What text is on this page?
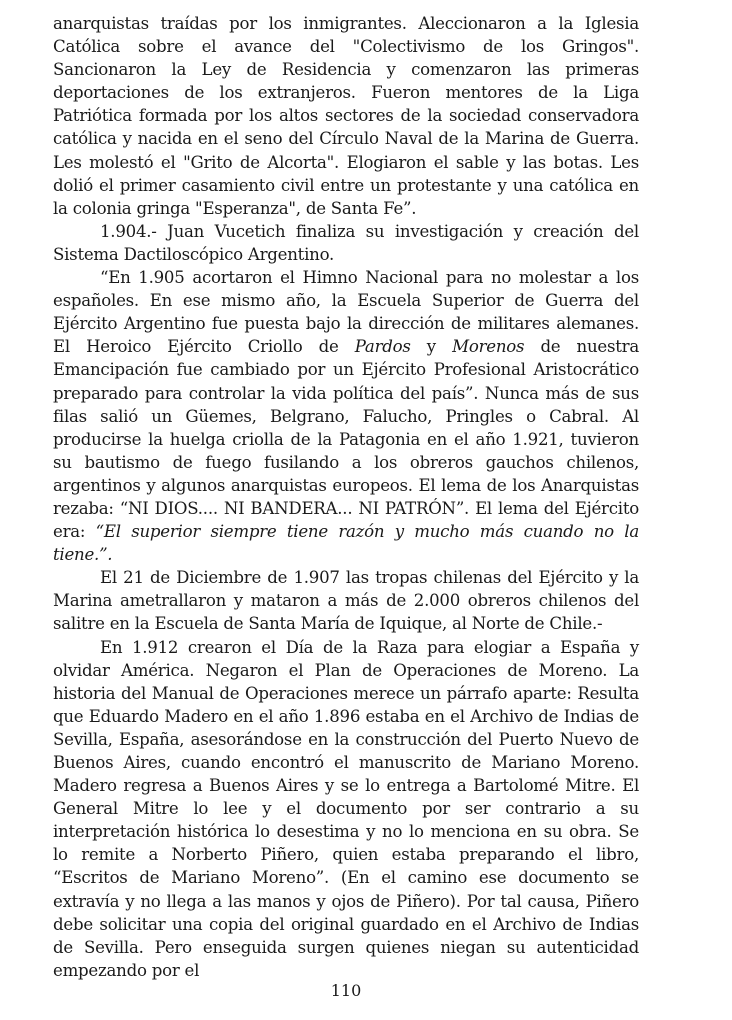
anarquistas traídas por los inmigrantes. Aleccionaron a la Iglesia Católica sobre el avance del "Colectivismo de los Gringos". Sancionaron la Ley de Residencia y comenzaron las primeras deportaciones de los extranjeros. Fueron mentores de la Liga Patriótica formada por los altos sectores de la sociedad conservadora católica y nacida en el seno del Círculo Naval de la Marina de Guerra. Les molestó el "Grito de Alcorta". Elogiaron el sable y las botas. Les dolió el primer casamiento civil entre un protestante y una católica en la colonia gringa "Esperanza", de Santa Fe”.

1.904.- Juan Vucetich finaliza su investigación y creación del Sistema Dactiloscópico Argentino.

“En 1.905 acortaron el Himno Nacional para no molestar a los españoles. En ese mismo año, la Escuela Superior de Guerra del Ejército Argentino fue puesta bajo la dirección de militares alemanes. El Heroico Ejército Criollo de Pardos y Morenos de nuestra Emancipación fue cambiado por un Ejército Profesional Aristocrático preparado para controlar la vida política del país”. Nunca más de sus filas salió un Güemes, Belgrano, Falucho, Pringles o Cabral. Al producirse la huelga criolla de la Patagonia en el año 1.921, tuvieron su bautismo de fuego fusilando a los obreros gauchos chilenos, argentinos y algunos anarquistas europeos. El lema de los Anarquistas rezaba: “NI DIOS.... NI BANDERA... NI PATRÓN”. El lema del Ejército era: “El superior siempre tiene razón y mucho más cuando no la tiene.”.

El 21 de Diciembre de 1.907 las tropas chilenas del Ejército y la Marina ametrallaron y mataron a más de 2.000 obreros chilenos del salitre en la Escuela de Santa María de Iquique, al Norte de Chile.-

En 1.912 crearon el Día de la Raza para elogiar a España y olvidar América. Negaron el Plan de Operaciones de Moreno. La historia del Manual de Operaciones merece un párrafo aparte: Resulta que Eduardo Madero en el año 1.896 estaba en el Archivo de Indias de Sevilla, España, asesorándose en la construcción del Puerto Nuevo de Buenos Aires, cuando encontró el manuscrito de Mariano Moreno. Madero regresa a Buenos Aires y se lo entrega a Bartolomé Mitre. El General Mitre lo lee y el documento por ser contrario a su interpretación histórica lo desestima y no lo menciona en su obra. Se lo remite a Norberto Piñero, quien estaba preparando el libro, “Escritos de Mariano Moreno”. (En el camino ese documento se extravía y no llega a las manos y ojos de Piñero). Por tal causa, Piñero debe solicitar una copia del original guardado en el Archivo de Indias de Sevilla. Pero enseguida surgen quienes niegan su autenticidad empezando por el

110
